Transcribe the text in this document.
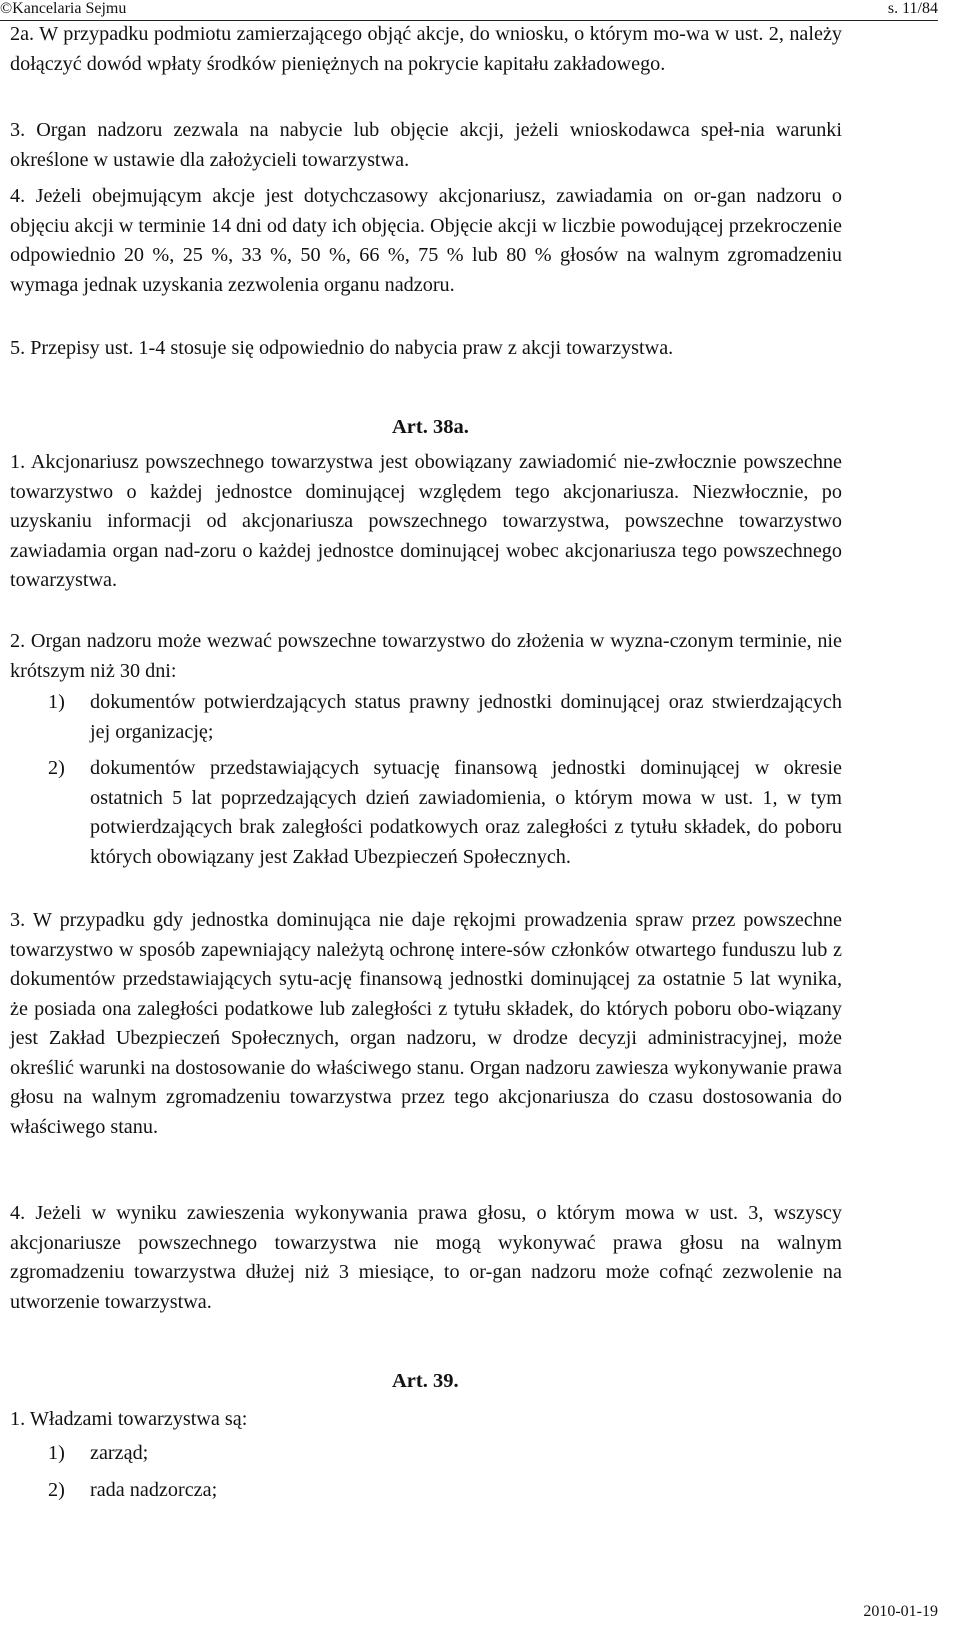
©Kancelaria Sejmu	s. 11/84

2a. W przypadku podmiotu zamierzającego objąć akcje, do wniosku, o którym mo-wa w ust. 2, należy dołączyć dowód wpłaty środków pieniężnych na pokrycie kapitału zakładowego.

3. Organ nadzoru zezwala na nabycie lub objęcie akcji, jeżeli wnioskodawca speł-nia warunki określone w ustawie dla założycieli towarzystwa.

4. Jeżeli obejmującym akcje jest dotychczasowy akcjonariusz, zawiadamia on or-gan nadzoru o objęciu akcji w terminie 14 dni od daty ich objęcia. Objęcie akcji w liczbie powodującej przekroczenie odpowiednio 20 %, 25 %, 33 %, 50 %, 66 %, 75 % lub 80 % głosów na walnym zgromadzeniu wymaga jednak uzyskania zezwolenia organu nadzoru.

5. Przepisy ust. 1-4 stosuje się odpowiednio do nabycia praw z akcji towarzystwa.

Art. 38a.

1. Akcjonariusz powszechnego towarzystwa jest obowiązany zawiadomić nie-zwłocznie powszechne towarzystwo o każdej jednostce dominującej względem tego akcjonariusza. Niezwłocznie, po uzyskaniu informacji od akcjonariusza powszechnego towarzystwa, powszechne towarzystwo zawiadamia organ nad-zoru o każdej jednostce dominującej wobec akcjonariusza tego powszechnego towarzystwa.

2. Organ nadzoru może wezwać powszechne towarzystwo do złożenia w wyzna-czonym terminie, nie krótszym niż 30 dni:

1)	dokumentów potwierdzających status prawny jednostki dominującej oraz stwierdzających jej organizację;
2)	dokumentów przedstawiających sytuację finansową jednostki dominującej w okresie ostatnich 5 lat poprzedzających dzień zawiadomienia, o którym mowa w ust. 1, w tym potwierdzających brak zaległości podatkowych oraz zaległości z tytułu składek, do poboru których obowiązany jest Zakład Ubezpieczeń Społecznych.

3. W przypadku gdy jednostka dominująca nie daje rękojmi prowadzenia spraw przez powszechne towarzystwo w sposób zapewniający należytą ochronę intere-sów członków otwartego funduszu lub z dokumentów przedstawiających sytu-ację finansową jednostki dominującej za ostatnie 5 lat wynika, że posiada ona zaległości podatkowe lub zaległości z tytułu składek, do których poboru obo-wiązany jest Zakład Ubezpieczeń Społecznych, organ nadzoru, w drodze decyzji administracyjnej, może określić warunki na dostosowanie do właściwego stanu. Organ nadzoru zawiesza wykonywanie prawa głosu na walnym zgromadzeniu towarzystwa przez tego akcjonariusza do czasu dostosowania do właściwego stanu.

4. Jeżeli w wyniku zawieszenia wykonywania prawa głosu, o którym mowa w ust. 3, wszyscy akcjonariusze powszechnego towarzystwa nie mogą wykonywać prawa głosu na walnym zgromadzeniu towarzystwa dłużej niż 3 miesiące, to or-gan nadzoru może cofnąć zezwolenie na utworzenie towarzystwa.

Art. 39.

1. Władzami towarzystwa są:

1)	zarząd;
2)	rada nadzorcza;
2010-01-19
